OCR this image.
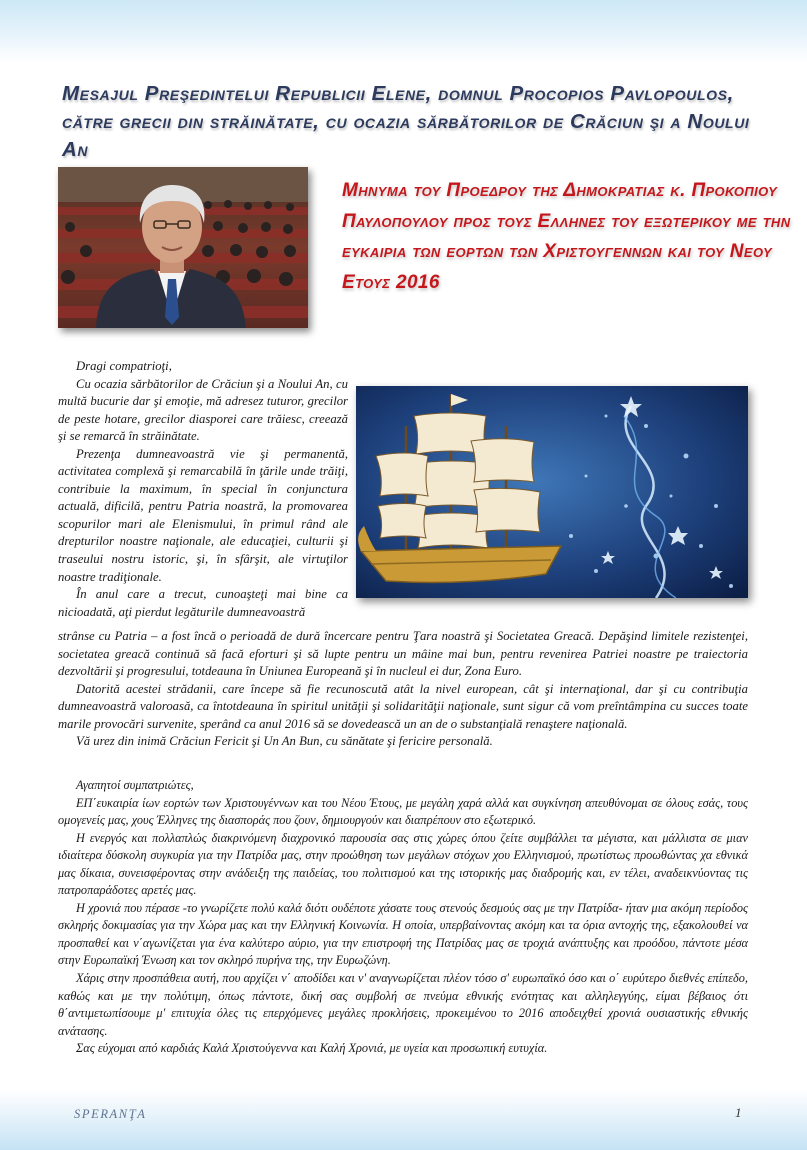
Mesajul Preşedintelui Republicii Elene, domnul Procopios Pavlopoulos, către grecii din străinătate, cu ocazia sărbătorilor de Crăciun şi a Noului An
Μηνυμα του Προεδρου της Δημοκρατιας κ. Προκοπιου Παυλοπουλου προς τους Ελληνες του εξωτερικου με την ευκαιρια των εορτων των Χριστουγεννων και του Νεου Ετους 2016

Dragi compatrioţi,

Cu ocazia sărbătorilor de Crăciun şi a Noului An, cu multă bucurie dar şi emoţie, mă adresez tuturor, grecilor de peste hotare, grecilor diasporei care trăiesc, creează şi se remarcă în străinătate.

Prezenţa dumneavoastră vie şi permanentă, activitatea complexă şi remarcabilă în ţările unde trăiţi, contribuie la maximum, în special în conjunctura actuală, dificilă, pentru Patria noastră, la promovarea scopurilor mari ale Elenismului, în primul rând ale drepturilor noastre naţionale, ale educaţiei, culturii şi traseului nostru istoric, şi, în sfârşit, ale virtuţilor noastre tradiţionale.

În anul care a trecut, cunoaşteţi mai bine ca nicioadată, aţi pierdut legăturile dumneavoastră

strânse cu Patria – a fost încă o perioadă de durǎ încercare pentru Ţara noastră şi Societatea Greacă. Depăşind limitele rezistenţei, societatea greacă continuă să facă eforturi şi să lupte pentru un mâine mai bun, pentru revenirea Patriei noastre pe traiectoria dezvoltării şi progresului, totdeauna în Uniunea Europeană şi în nucleul ei dur, Zona Euro.

Datorită acestei strădanii, care începe să fie recunoscută atât la nivel european, cât şi internaţional, dar şi cu contribuţia dumneavoastră valoroasă, ca întotdeauna în spiritul unităţii şi solidarităţii naţionale, sunt sigur că vom preîntâmpina cu succes toate marile provocări survenite, sperând ca anul 2016 să se dovedească un an de o substanţială renaştere naţională.

Vă urez din inimă Crăciun Fericit şi Un An Bun, cu sănătate şi fericire personală.

Αγαπητοί συμπατριώτες,

ΕΠ΄ευκαιρία ίων εορτών των Χριστουγέννων και του Νέου Έτους, με μεγάλη χαρά αλλά και συγκίνηση απευθύνομαι σε όλους εσάς, τους ομογενείς μας, χους Έλληνες της διασποράς που ζουν, δημιουργούν και διαπρέπουν στο εξωτερικό.

Η ενεργός και πολλαπλώς διακρινόμενη διαχρονικό παρουσία σας στις χώρες όπου ζείτε συμβάλλει τα μέγιστα, και μάλλιστα σε μιαν ιδιαίτερα δύσκολη συγκυρία για την Πατρίδα μας, στην προώθηση των μεγάλων στόχων χου Ελληνισμού, πρωτίστως προωθώντας χα εθνικά μας δίκαια, συνεισφέροντας στην ανάδειξη της παιδείας, του πολιτισμού και της ιστορικής μας διαδρομής και, εν τέλει, αναδεικνύοντας τις πατροπαράδοτες αρετές μας.

Η χρονιά που πέρασε -το γνωρίζετε πολύ καλά διότι ουδέποτε χάσατε τους στενούς δεσμούς σας με την Πατρίδα- ήταν μια ακόμη περίοδος σκληρής δοκιμασίας για την Χώρα μας και την Ελληνική Κοινωνία. Η οποία, υπερβαίνοντας ακόμη και τα όρια αντοχής της, εξακολουθεί να προσπαθεί και ν΄αγωνίζεται για ένα καλύτερο αύριο, για την επιστροφή της Πατρίδας μας σε τροχιά ανάπτυξης και προόδου, πάντοτε μέσα στην Ευρωπαϊκή Ένωση και τον σκληρό πυρήνα της, την Ευρωζώνη.

Χάρις στην προσπάθεια αυτή, που αρχίζει ν΄ αποδίδει και ν' αναγνωρίζεται πλέον τόσο σ' ευρωπαϊκό όσο και ο΄ ευρύτερο διεθνές επίπεδο, καθώς και με την πολύτιμη, όπως πάντοτε, δική σας συμβολή σε πνεύμα εθνικής ενότητας και αλληλεγγύης, είμαι βέβαιος ότι θ΄αντιμετωπίσουμε μ' επιτυχία όλες τις επερχόμενες μεγάλες προκλήσεις, προκειμένου το 2016 αποδειχθεί χρονιά ουσιαστικής εθνικής ανάτασης.

Σας εύχομαι από καρδιάς Καλά Χριστούγεννα και Καλή Χρονιά, με υγεία και προσωπική ευτυχία.

SPERANŢA	1
